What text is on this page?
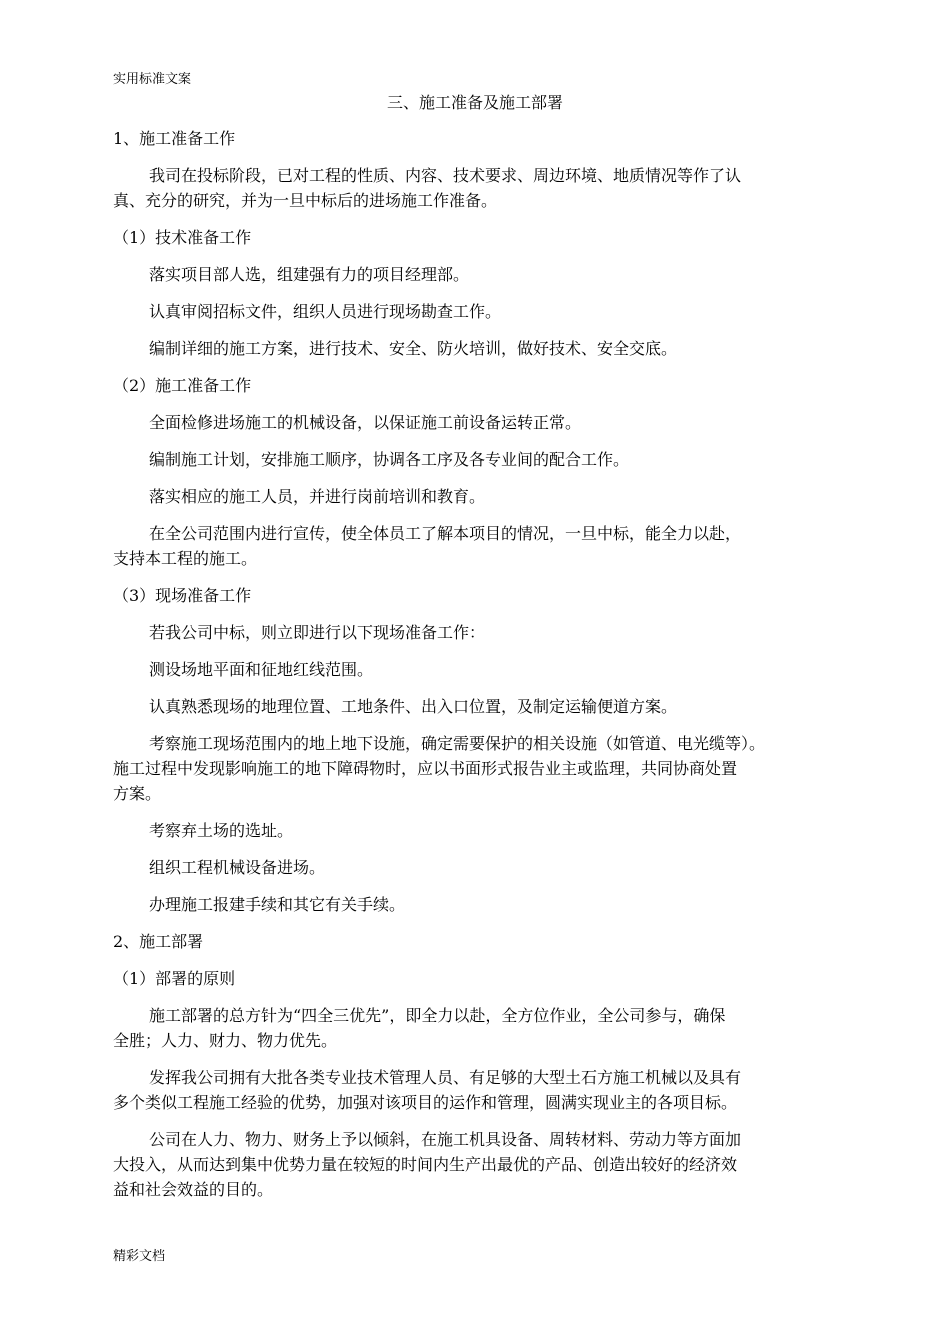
实用标准文案
三、施工准备及施工部署

1、施工准备工作

我司在投标阶段，已对工程的性质、内容、技术要求、周边环境、地质情况等作了认

真、充分的研究，并为一旦中标后的进场施工作准备。

（1）技术准备工作

落实项目部人选，组建强有力的项目经理部。

认真审阅招标文件，组织人员进行现场勘查工作。

编制详细的施工方案，进行技术、安全、防火培训，做好技术、安全交底。

（2）施工准备工作

全面检修进场施工的机械设备，以保证施工前设备运转正常。

编制施工计划，安排施工顺序，协调各工序及各专业间的配合工作。

落实相应的施工人员，并进行岗前培训和教育。

在全公司范围内进行宣传，使全体员工了解本项目的情况，一旦中标，能全力以赴，

支持本工程的施工。

（3）现场准备工作

若我公司中标，则立即进行以下现场准备工作：

测设场地平面和征地红线范围。

认真熟悉现场的地理位置、工地条件、出入口位置，及制定运输便道方案。

考察施工现场范围内的地上地下设施，确定需要保护的相关设施（如管道、电光缆等）。

施工过程中发现影响施工的地下障碍物时，应以书面形式报告业主或监理，共同协商处置

方案。

考察弃土场的选址。

组织工程机械设备进场。

办理施工报建手续和其它有关手续。

2、施工部署

（1）部署的原则

施工部署的总方针为“四全三优先”，即全力以赴，全方位作业，全公司参与，确保

全胜；人力、财力、物力优先。

发挥我公司拥有大批各类专业技术管理人员、有足够的大型土石方施工机械以及具有

多个类似工程施工经验的优势，加强对该项目的运作和管理，圆满实现业主的各项目标。

公司在人力、物力、财务上予以倾斜，在施工机具设备、周转材料、劳动力等方面加

大投入，从而达到集中优势力量在较短的时间内生产出最优的产品、创造出较好的经济效

益和社会效益的目的。

精彩文档
